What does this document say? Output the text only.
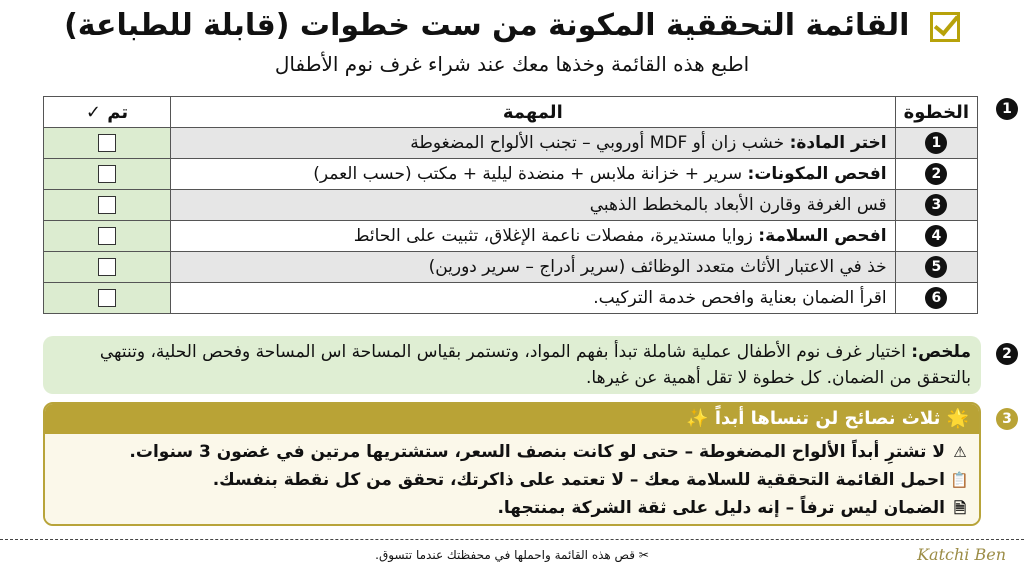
القائمة التحققية المكونة من ست خطوات (قابلة للطباعة)
اطبع هذه القائمة وخذها معك عند شراء غرف نوم الأطفال
1
الخطوة	المهمة	تم ✓
1	اختر المادة: خشب زان أو MDF أوروبي – تجنب الألواح المضغوطة	
2	افحص المكونات: سرير + خزانة ملابس + منضدة ليلية + مكتب (حسب العمر)	
3	قس الغرفة وقارن الأبعاد بالمخطط الذهبي	
4	افحص السلامة: زوايا مستديرة، مفصلات ناعمة الإغلاق، تثبيت على الحائط	
5	خذ في الاعتبار الأثاث متعدد الوظائف (سرير أدراج – سرير دورين)	
6	اقرأ الضمان بعناية وافحص خدمة التركيب.	
2
ملخص: اختيار غرف نوم الأطفال عملية شاملة تبدأ بفهم المواد، وتستمر بقياس المساحة اس المساحة وفحص الحلية، وتنتهي بالتحقق من الضمان. كل خطوة لا تقل أهمية عن غيرها.
3
🌟 ثلاث نصائح لن تنساها أبداً ✨
⚠لا تشترِ أبداً الألواح المضغوطة – حتى لو كانت بنصف السعر، ستشتريها مرتين في غضون 3 سنوات.
📋احمل القائمة التحققية للسلامة معك – لا تعتمد على ذاكرتك، تحقق من كل نقطة بنفسك.
🗎الضمان ليس ترفاً – إنه دليل على ثقة الشركة بمنتجها.
✂ قص هذه القائمة واحملها في محفظتك عندما تتسوق.	Katchi Ben
